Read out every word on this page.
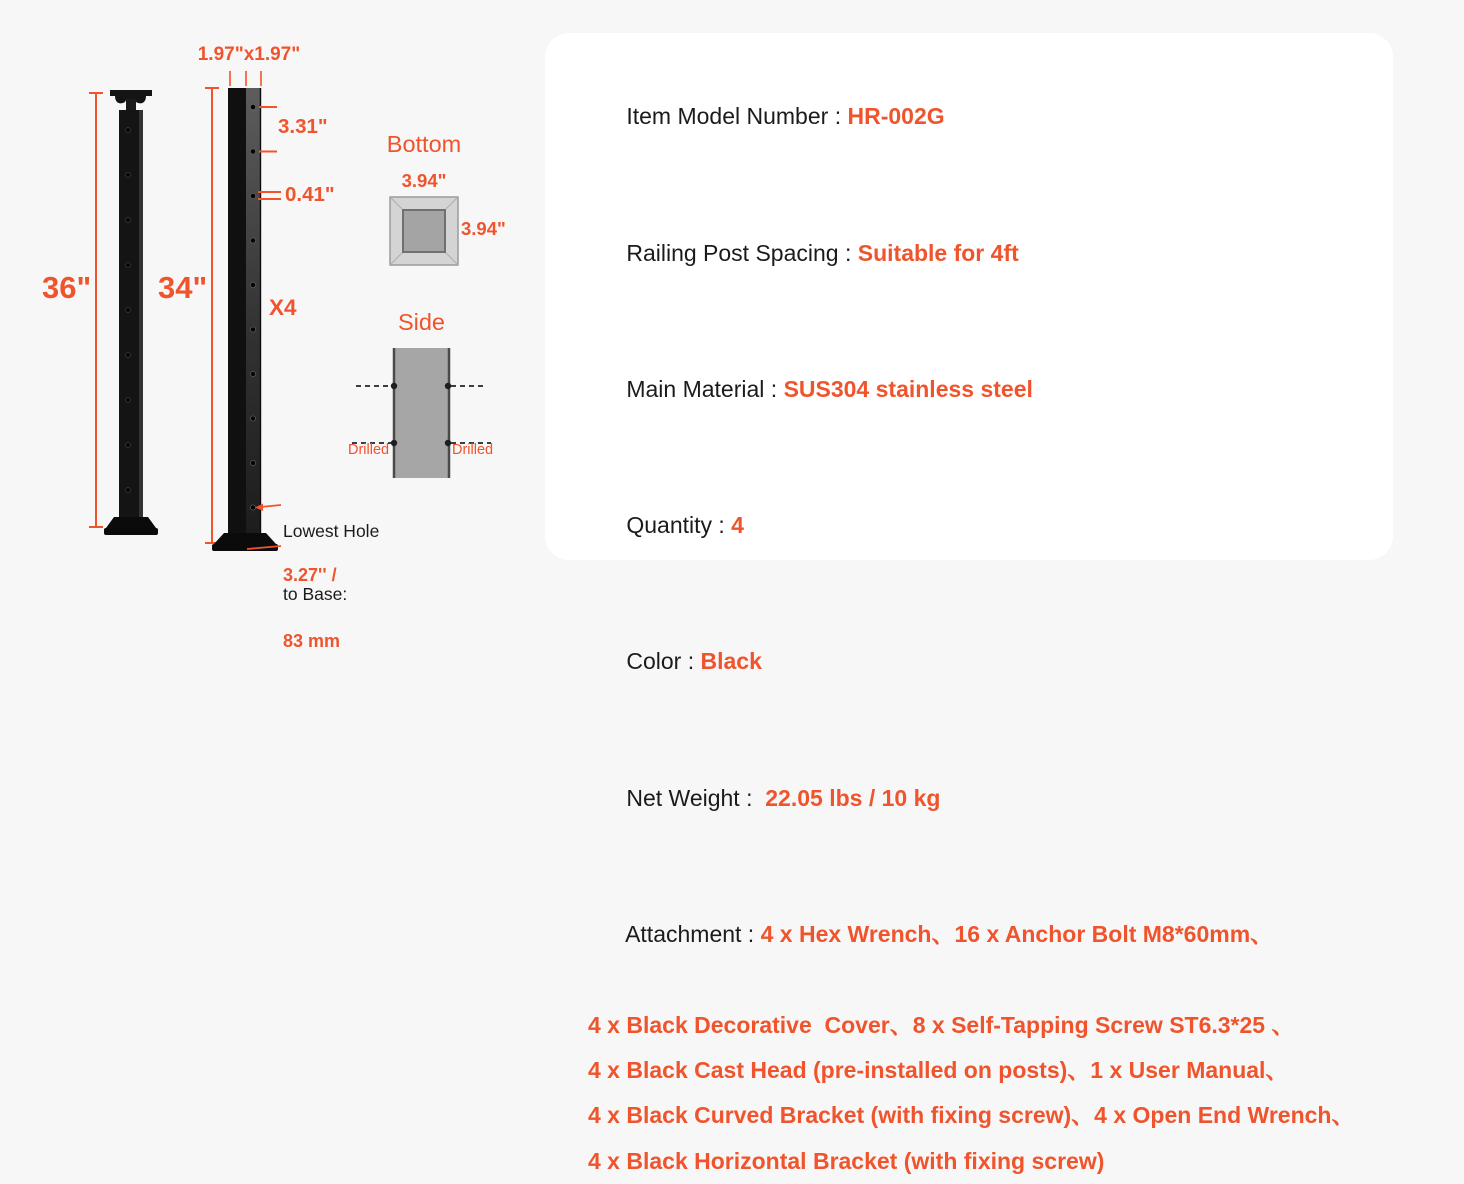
1.97"x1.97"
3.31"
0.41"
36" 34"
X4
Bottom
3.94"
3.94"
Side
Drilled	Drilled

Lowest Hole

to Base:

3.27'' /

83 mm

Item Model Number : HR-002G

Railing Post Spacing : Suitable for 4ft

Main Material : SUS304 stainless steel

Quantity : 4

Color : Black

Net Weight :  22.05 lbs / 10 kg

Attachment : 4 x Hex Wrench、16 x Anchor Bolt M8*60mm、

4 x Black Decorative  Cover、8 x Self-Tapping Screw ST6.3*25 、
4 x Black Cast Head (pre-installed on posts)、1 x User Manual、
4 x Black Curved Bracket (with fixing screw)、4 x Open End Wrench、
4 x Black Horizontal Bracket (with fixing screw)
